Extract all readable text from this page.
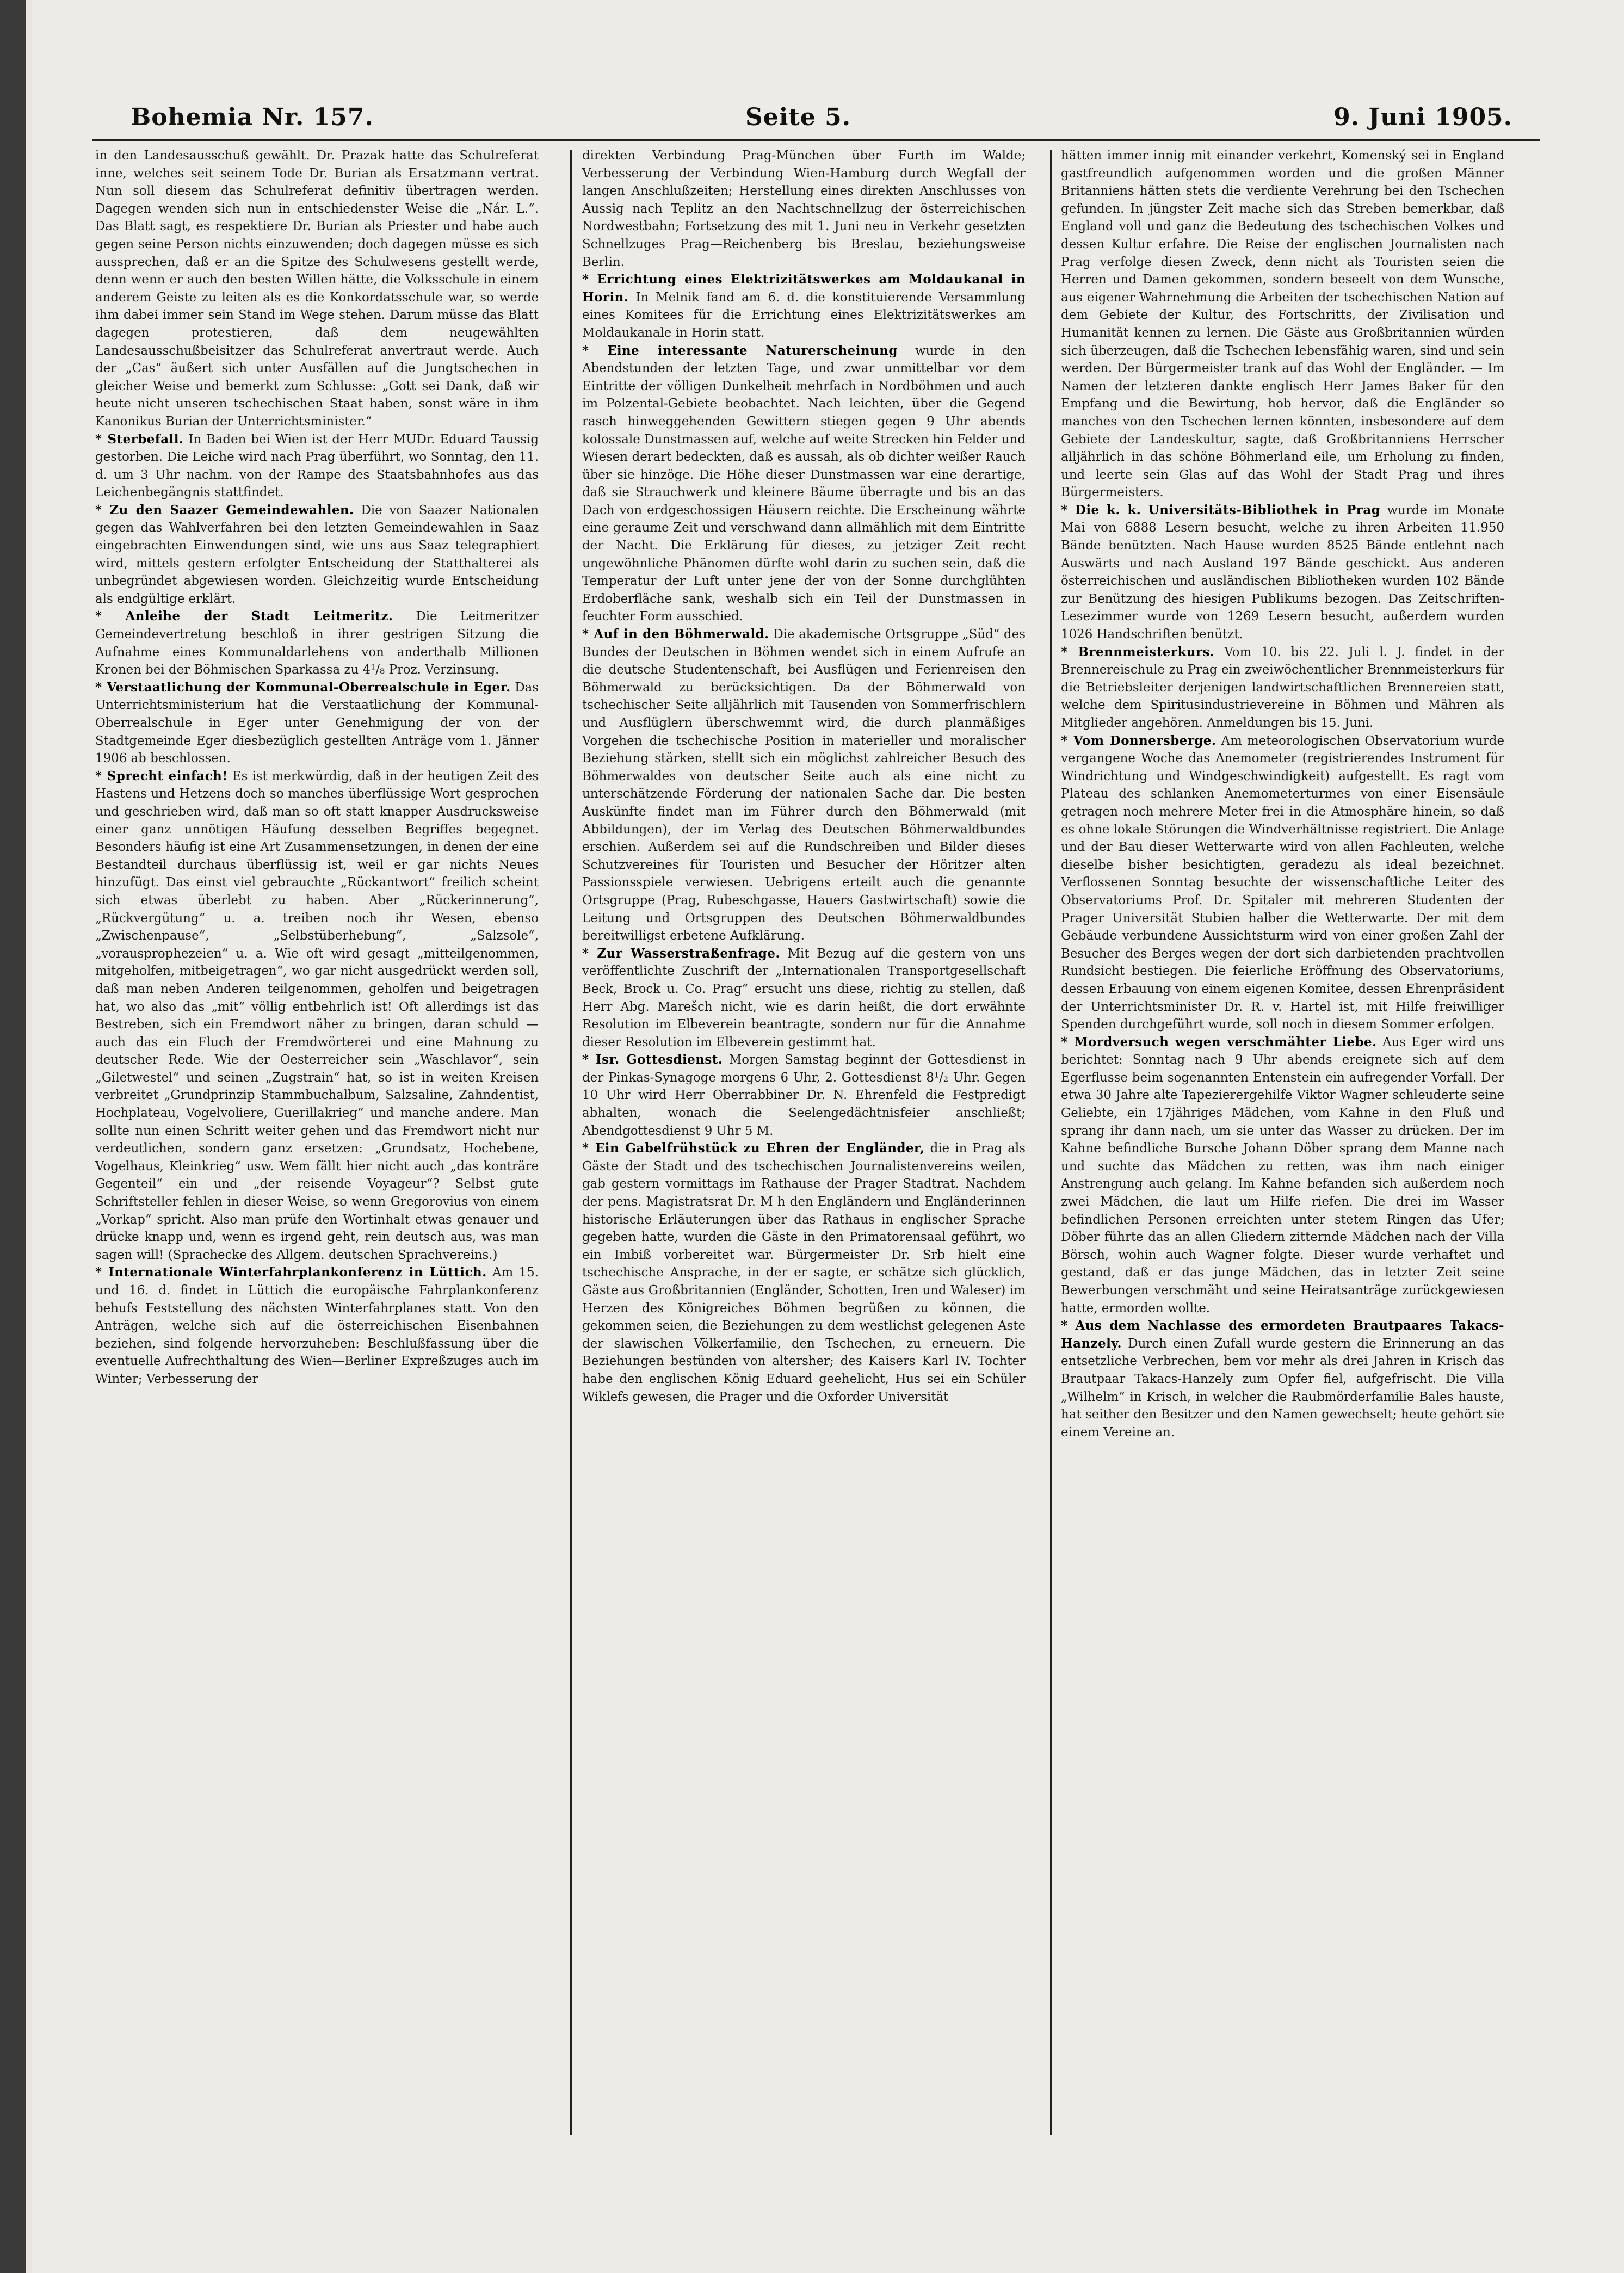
Bohemia Nr. 157.	Seite 5.	9. Juni 1905.

in den Landesausschuß gewählt. Dr. Prazak hatte das Schulreferat inne, welches seit seinem Tode Dr. Burian als Ersatzmann vertrat. Nun soll diesem das Schulreferat definitiv übertragen werden. Dagegen wenden sich nun in entschiedenster Weise die „Nár. L.“. Das Blatt sagt, es respektiere Dr. Burian als Priester und habe auch gegen seine Person nichts einzuwenden; doch dagegen müsse es sich aussprechen, daß er an die Spitze des Schulwesens gestellt werde, denn wenn er auch den besten Willen hätte, die Volksschule in einem anderem Geiste zu leiten als es die Konkordatsschule war, so werde ihm dabei immer sein Stand im Wege stehen. Darum müsse das Blatt dagegen protestieren, daß dem neugewählten Landesausschußbeisitzer das Schulreferat anvertraut werde. Auch der „Cas“ äußert sich unter Ausfällen auf die Jungtschechen in gleicher Weise und bemerkt zum Schlusse: „Gott sei Dank, daß wir heute nicht unseren tschechischen Staat haben, sonst wäre in ihm Kanonikus Burian der Unterrichtsminister.“

* Sterbefall. In Baden bei Wien ist der Herr MUDr. Eduard Taussig gestorben. Die Leiche wird nach Prag überführt, wo Sonntag, den 11. d. um 3 Uhr nachm. von der Rampe des Staatsbahnhofes aus das Leichenbegängnis stattfindet.

* Zu den Saazer Gemeindewahlen. Die von Saazer Nationalen gegen das Wahlverfahren bei den letzten Gemeindewahlen in Saaz eingebrachten Einwendungen sind, wie uns aus Saaz telegraphiert wird, mittels gestern erfolgter Entscheidung der Statthalterei als unbegründet abgewiesen worden. Gleichzeitig wurde Entscheidung als endgültige erklärt.

* Anleihe der Stadt Leitmeritz. Die Leitmeritzer Gemeindevertretung beschloß in ihrer gestrigen Sitzung die Aufnahme eines Kommunaldarlehens von anderthalb Millionen Kronen bei der Böhmischen Sparkassa zu 4¹/₈ Proz. Verzinsung.

* Verstaatlichung der Kommunal-Oberrealschule in Eger. Das Unterrichtsministerium hat die Verstaatlichung der Kommunal-Oberrealschule in Eger unter Genehmigung der von der Stadtgemeinde Eger diesbezüglich gestellten Anträge vom 1. Jänner 1906 ab beschlossen.

* Sprecht einfach! Es ist merkwürdig, daß in der heutigen Zeit des Hastens und Hetzens doch so manches überflüssige Wort gesprochen und geschrieben wird, daß man so oft statt knapper Ausdrucksweise einer ganz unnötigen Häufung desselben Begriffes begegnet. Besonders häufig ist eine Art Zusammensetzungen, in denen der eine Bestandteil durchaus überflüssig ist, weil er gar nichts Neues hinzufügt. Das einst viel gebrauchte „Rückantwort“ freilich scheint sich etwas überlebt zu haben. Aber „Rückerinnerung“, „Rückvergütung“ u. a. treiben noch ihr Wesen, ebenso „Zwischenpause“, „Selbstüberhebung“, „Salzsole“, „vorausprophezeien“ u. a. Wie oft wird gesagt „mitteilgenommen, mitgeholfen, mitbeigetragen“, wo gar nicht ausgedrückt werden soll, daß man neben Anderen teilgenommen, geholfen und beigetragen hat, wo also das „mit“ völlig entbehrlich ist! Oft allerdings ist das Bestreben, sich ein Fremdwort näher zu bringen, daran schuld — auch das ein Fluch der Fremdwörterei und eine Mahnung zu deutscher Rede. Wie der Oesterreicher sein „Waschlavor“, sein „Giletwestel“ und seinen „Zugstrain“ hat, so ist in weiten Kreisen verbreitet „Grundprinzip Stammbuchalbum, Salzsaline, Zahndentist, Hochplateau, Vogelvoliere, Guerillakrieg“ und manche andere. Man sollte nun einen Schritt weiter gehen und das Fremdwort nicht nur verdeutlichen, sondern ganz ersetzen: „Grundsatz, Hochebene, Vogelhaus, Kleinkrieg“ usw. Wem fällt hier nicht auch „das konträre Gegenteil“ ein und „der reisende Voyageur“? Selbst gute Schriftsteller fehlen in dieser Weise, so wenn Gregorovius von einem „Vorkap“ spricht. Also man prüfe den Wortinhalt etwas genauer und drücke knapp und, wenn es irgend geht, rein deutsch aus, was man sagen will! (Sprachecke des Allgem. deutschen Sprachvereins.)

* Internationale Winterfahrplankonferenz in Lüttich. Am 15. und 16. d. findet in Lüttich die europäische Fahrplankonferenz behufs Feststellung des nächsten Winterfahrplanes statt. Von den Anträgen, welche sich auf die österreichischen Eisenbahnen beziehen, sind folgende hervorzuheben: Beschlußfassung über die eventuelle Aufrechthaltung des Wien—Berliner Expreßzuges auch im Winter; Verbesserung der

direkten Verbindung Prag-München über Furth im Walde; Verbesserung der Verbindung Wien-Hamburg durch Wegfall der langen Anschlußzeiten; Herstellung eines direkten Anschlusses von Aussig nach Teplitz an den Nachtschnellzug der österreichischen Nordwestbahn; Fortsetzung des mit 1. Juni neu in Verkehr gesetzten Schnellzuges Prag—Reichenberg bis Breslau, beziehungsweise Berlin.

* Errichtung eines Elektrizitätswerkes am Moldaukanal in Horin. In Melnik fand am 6. d. die konstituierende Versammlung eines Komitees für die Errichtung eines Elektrizitätswerkes am Moldaukanale in Horin statt.

* Eine interessante Naturerscheinung wurde in den Abendstunden der letzten Tage, und zwar unmittelbar vor dem Eintritte der völligen Dunkelheit mehrfach in Nordböhmen und auch im Polzental-Gebiete beobachtet. Nach leichten, über die Gegend rasch hinweggehenden Gewittern stiegen gegen 9 Uhr abends kolossale Dunstmassen auf, welche auf weite Strecken hin Felder und Wiesen derart bedeckten, daß es aussah, als ob dichter weißer Rauch über sie hinzöge. Die Höhe dieser Dunstmassen war eine derartige, daß sie Strauchwerk und kleinere Bäume überragte und bis an das Dach von erdgeschossigen Häusern reichte. Die Erscheinung währte eine geraume Zeit und verschwand dann allmählich mit dem Eintritte der Nacht. Die Erklärung für dieses, zu jetziger Zeit recht ungewöhnliche Phänomen dürfte wohl darin zu suchen sein, daß die Temperatur der Luft unter jene der von der Sonne durchglühten Erdoberfläche sank, weshalb sich ein Teil der Dunstmassen in feuchter Form ausschied.

* Auf in den Böhmerwald. Die akademische Ortsgruppe „Süd“ des Bundes der Deutschen in Böhmen wendet sich in einem Aufrufe an die deutsche Studentenschaft, bei Ausflügen und Ferienreisen den Böhmerwald zu berücksichtigen. Da der Böhmerwald von tschechischer Seite alljährlich mit Tausenden von Sommerfrischlern und Ausflüglern überschwemmt wird, die durch planmäßiges Vorgehen die tschechische Position in materieller und moralischer Beziehung stärken, stellt sich ein möglichst zahlreicher Besuch des Böhmerwaldes von deutscher Seite auch als eine nicht zu unterschätzende Förderung der nationalen Sache dar. Die besten Auskünfte findet man im Führer durch den Böhmerwald (mit Abbildungen), der im Verlag des Deutschen Böhmerwaldbundes erschien. Außerdem sei auf die Rundschreiben und Bilder dieses Schutzvereines für Touristen und Besucher der Höritzer alten Passionsspiele verwiesen. Uebrigens erteilt auch die genannte Ortsgruppe (Prag, Rubeschgasse, Hauers Gastwirtschaft) sowie die Leitung und Ortsgruppen des Deutschen Böhmerwaldbundes bereitwilligst erbetene Aufklärung.

* Zur Wasserstraßenfrage. Mit Bezug auf die gestern von uns veröffentlichte Zuschrift der „Internationalen Transportgesellschaft Beck, Brock u. Co. Prag“ ersucht uns diese, richtig zu stellen, daß Herr Abg. Marešch nicht, wie es darin heißt, die dort erwähnte Resolution im Elbeverein beantragte, sondern nur für die Annahme dieser Resolution im Elbeverein gestimmt hat.

* Isr. Gottesdienst. Morgen Samstag beginnt der Gottesdienst in der Pinkas-Synagoge morgens 6 Uhr, 2. Gottesdienst 8¹/₂ Uhr. Gegen 10 Uhr wird Herr Oberrabbiner Dr. N. Ehrenfeld die Festpredigt abhalten, wonach die Seelengedächtnisfeier anschließt; Abendgottesdienst 9 Uhr 5 M.

* Ein Gabelfrühstück zu Ehren der Engländer, die in Prag als Gäste der Stadt und des tschechischen Journalistenvereins weilen, gab gestern vormittags im Rathause der Prager Stadtrat. Nachdem der pens. Magistratsrat Dr. M h den Engländern und Engländerinnen historische Erläuterungen über das Rathaus in englischer Sprache gegeben hatte, wurden die Gäste in den Primatorensaal geführt, wo ein Imbiß vorbereitet war. Bürgermeister Dr. Srb hielt eine tschechische Ansprache, in der er sagte, er schätze sich glücklich, Gäste aus Großbritannien (Engländer, Schotten, Iren und Waleser) im Herzen des Königreiches Böhmen begrüßen zu können, die gekommen seien, die Beziehungen zu dem westlichst gelegenen Aste der slawischen Völkerfamilie, den Tschechen, zu erneuern. Die Beziehungen bestünden von altersher; des Kaisers Karl IV. Tochter habe den englischen König Eduard geehelicht, Hus sei ein Schüler Wiklefs gewesen, die Prager und die Oxforder Universität

hätten immer innig mit einander verkehrt, Komenský sei in England gastfreundlich aufgenommen worden und die großen Männer Britanniens hätten stets die verdiente Verehrung bei den Tschechen gefunden. In jüngster Zeit mache sich das Streben bemerkbar, daß England voll und ganz die Bedeutung des tschechischen Volkes und dessen Kultur erfahre. Die Reise der englischen Journalisten nach Prag verfolge diesen Zweck, denn nicht als Touristen seien die Herren und Damen gekommen, sondern beseelt von dem Wunsche, aus eigener Wahrnehmung die Arbeiten der tschechischen Nation auf dem Gebiete der Kultur, des Fortschritts, der Zivilisation und Humanität kennen zu lernen. Die Gäste aus Großbritannien würden sich überzeugen, daß die Tschechen lebensfähig waren, sind und sein werden. Der Bürgermeister trank auf das Wohl der Engländer. — Im Namen der letzteren dankte englisch Herr James Baker für den Empfang und die Bewirtung, hob hervor, daß die Engländer so manches von den Tschechen lernen könnten, insbesondere auf dem Gebiete der Landeskultur, sagte, daß Großbritanniens Herrscher alljährlich in das schöne Böhmerland eile, um Erholung zu finden, und leerte sein Glas auf das Wohl der Stadt Prag und ihres Bürgermeisters.

* Die k. k. Universitäts-Bibliothek in Prag wurde im Monate Mai von 6888 Lesern besucht, welche zu ihren Arbeiten 11.950 Bände benützten. Nach Hause wurden 8525 Bände entlehnt nach Auswärts und nach Ausland 197 Bände geschickt. Aus anderen österreichischen und ausländischen Bibliotheken wurden 102 Bände zur Benützung des hiesigen Publikums bezogen. Das Zeitschriften-Lesezimmer wurde von 1269 Lesern besucht, außerdem wurden 1026 Handschriften benützt.

* Brennmeisterkurs. Vom 10. bis 22. Juli l. J. findet in der Brennereischule zu Prag ein zweiwöchentlicher Brennmeisterkurs für die Betriebsleiter derjenigen landwirtschaftlichen Brennereien statt, welche dem Spiritusindustrievereine in Böhmen und Mähren als Mitglieder angehören. Anmeldungen bis 15. Juni.

* Vom Donnersberge. Am meteorologischen Observatorium wurde vergangene Woche das Anemometer (registrierendes Instrument für Windrichtung und Windgeschwindigkeit) aufgestellt. Es ragt vom Plateau des schlanken Anemometerturmes von einer Eisensäule getragen noch mehrere Meter frei in die Atmosphäre hinein, so daß es ohne lokale Störungen die Windverhältnisse registriert. Die Anlage und der Bau dieser Wetterwarte wird von allen Fachleuten, welche dieselbe bisher besichtigten, geradezu als ideal bezeichnet. Verflossenen Sonntag besuchte der wissenschaftliche Leiter des Observatoriums Prof. Dr. Spitaler mit mehreren Studenten der Prager Universität Stubien halber die Wetterwarte. Der mit dem Gebäude verbundene Aussichtsturm wird von einer großen Zahl der Besucher des Berges wegen der dort sich darbietenden prachtvollen Rundsicht bestiegen. Die feierliche Eröffnung des Observatoriums, dessen Erbauung von einem eigenen Komitee, dessen Ehrenpräsident der Unterrichtsminister Dr. R. v. Hartel ist, mit Hilfe freiwilliger Spenden durchgeführt wurde, soll noch in diesem Sommer erfolgen.

* Mordversuch wegen verschmähter Liebe. Aus Eger wird uns berichtet: Sonntag nach 9 Uhr abends ereignete sich auf dem Egerflusse beim sogenannten Entenstein ein aufregender Vorfall. Der etwa 30 Jahre alte Tapezierergehilfe Viktor Wagner schleuderte seine Geliebte, ein 17jähriges Mädchen, vom Kahne in den Fluß und sprang ihr dann nach, um sie unter das Wasser zu drücken. Der im Kahne befindliche Bursche Johann Döber sprang dem Manne nach und suchte das Mädchen zu retten, was ihm nach einiger Anstrengung auch gelang. Im Kahne befanden sich außerdem noch zwei Mädchen, die laut um Hilfe riefen. Die drei im Wasser befindlichen Personen erreichten unter stetem Ringen das Ufer; Döber führte das an allen Gliedern zitternde Mädchen nach der Villa Börsch, wohin auch Wagner folgte. Dieser wurde verhaftet und gestand, daß er das junge Mädchen, das in letzter Zeit seine Bewerbungen verschmäht und seine Heiratsanträge zurückgewiesen hatte, ermorden wollte.

* Aus dem Nachlasse des ermordeten Brautpaares Takacs-Hanzely. Durch einen Zufall wurde gestern die Erinnerung an das entsetzliche Verbrechen, bem vor mehr als drei Jahren in Krisch das Brautpaar Takacs-Hanzely zum Opfer fiel, aufgefrischt. Die Villa „Wilhelm“ in Krisch, in welcher die Raubmörderfamilie Bales hauste, hat seither den Besitzer und den Namen gewechselt; heute gehört sie einem Vereine an.
